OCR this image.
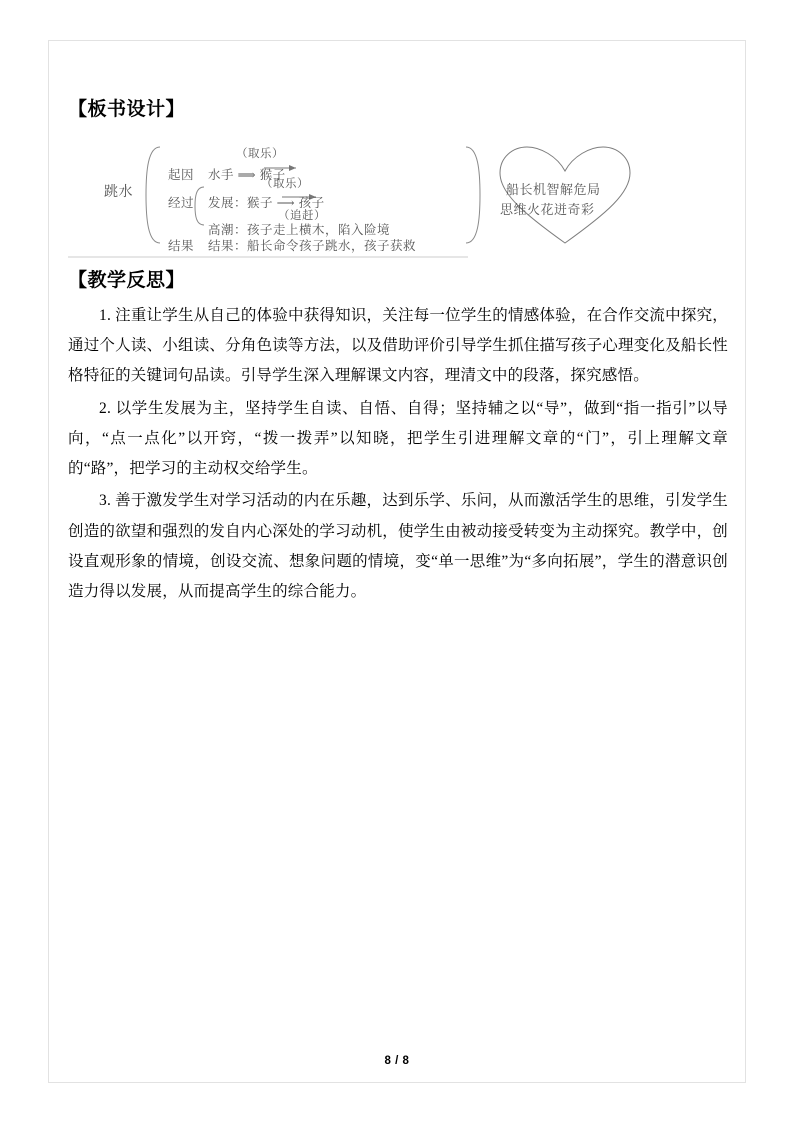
【板书设计】
跳水
起因
经过
结果
（取乐）
水手 ⟹ 猴子
（取乐）
发展：猴子 ⟶ 孩子
（追赶）
高潮：孩子走上横木，陷入险境
结果：船长命令孩子跳水，孩子获救
船长机智解危局
思维火花迸奇彩
【教学反思】

1. 注重让学生从自己的体验中获得知识，关注每一位学生的情感体验，在合作交流中探究，通过个人读、小组读、分角色读等方法，以及借助评价引导学生抓住描写孩子心理变化及船长性格特征的关键词句品读。引导学生深入理解课文内容，理清文中的段落，探究感悟。

2. 以学生发展为主，坚持学生自读、自悟、自得；坚持辅之以“导”，做到“指一指引”以导向，“点一点化”以开窍，“拨一拨弄”以知晓，把学生引进理解文章的“门”，引上理解文章的“路”，把学习的主动权交给学生。

3. 善于激发学生对学习活动的内在乐趣，达到乐学、乐问，从而激活学生的思维，引发学生创造的欲望和强烈的发自内心深处的学习动机，使学生由被动接受转变为主动探究。教学中，创设直观形象的情境，创设交流、想象问题的情境，变“单一思维”为“多向拓展”，学生的潜意识创造力得以发展，从而提高学生的综合能力。

8 / 8
